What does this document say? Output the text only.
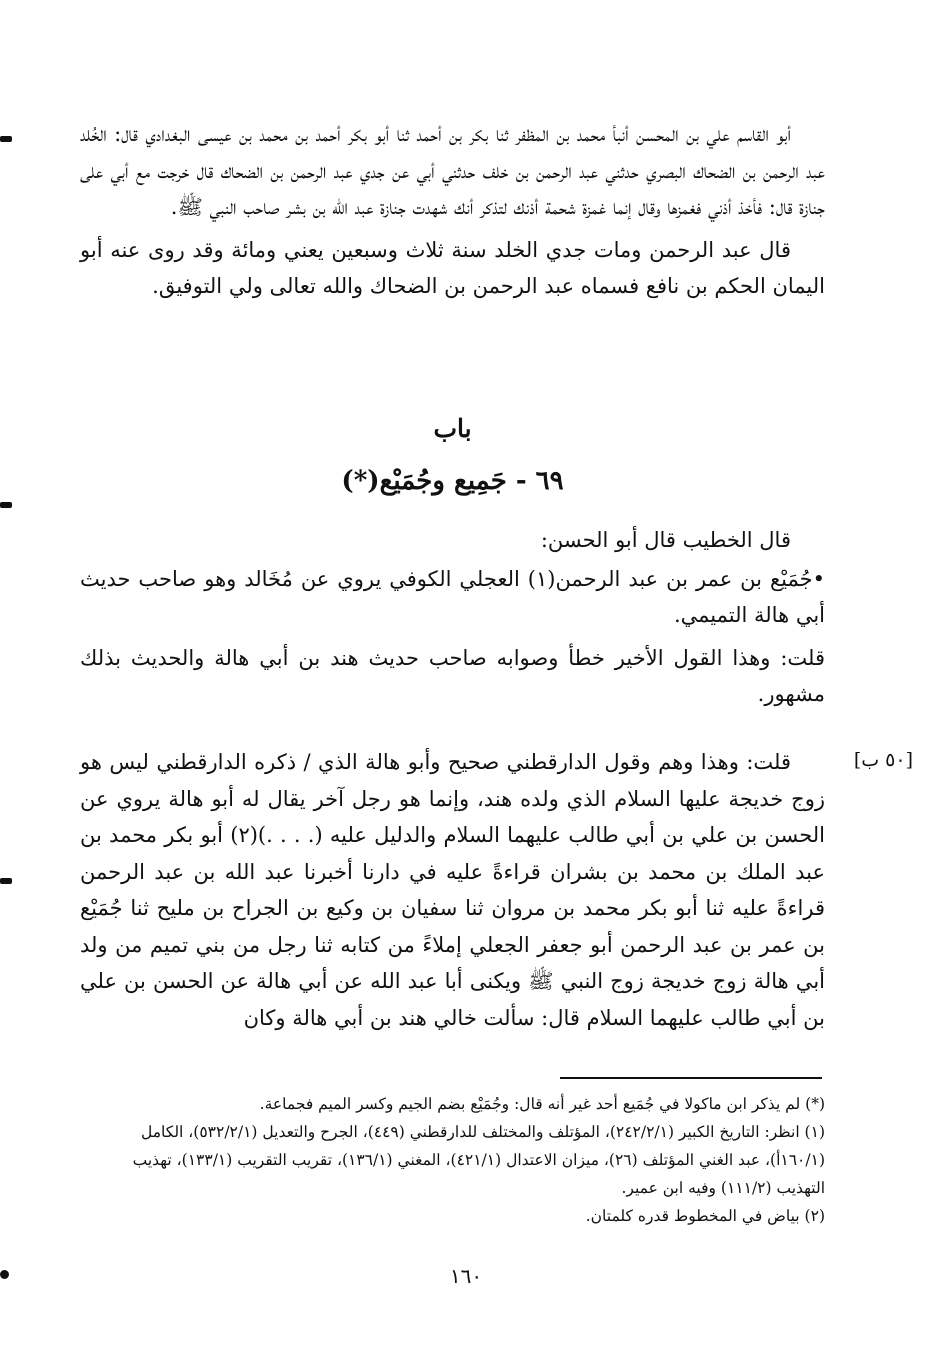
أبو القاسم علي بن المحسن أنبأ محمد بن المظفر ثنا بكر بن أحمد ثنا أبو بكر أحمد بن محمد بن عيسى البغدادي قال: الخُلد عبد الرحمن بن الضحاك البصري حدثني عبد الرحمن بن خلف حدثني أبي عن جدي عبد الرحمن بن الضحاك قال خرجت مع أبي على جنازة قال: فأخذ أذني فغمزها وقال إنما غمزة شحمة أذنك لتذكر أنك شهدت جنازة عبد الله بن بشر صاحب النبي ﷺ.

قال عبد الرحمن ومات جدي الخلد سنة ثلاث وسبعين يعني ومائة وقد روى عنه أبو اليمان الحكم بن نافع فسماه عبد الرحمن بن الضحاك والله تعالى ولي التوفيق.

باب
٦٩ - جَمِيع وجُمَيْع(*)

قال الخطيب قال أبو الحسن:

•جُمَيْع بن عمر بن عبد الرحمن(١) العجلي الكوفي يروي عن مُخَالد وهو صاحب حديث أبي هالة التميمي.

قلت: وهذا القول الأخير خطأ وصوابه صاحب حديث هند بن أبي هالة والحديث بذلك مشهور.

[٥٠ ب]

قلت: وهذا وهم وقول الدارقطني صحيح وأبو هالة الذي / ذكره الدارقطني ليس هو زوج خديجة عليها السلام الذي ولده هند، وإنما هو رجل آخر يقال له أبو هالة يروي عن الحسن بن علي بن أبي طالب عليهما السلام والدليل عليه (. . . .)(٢) أبو بكر محمد بن عبد الملك بن محمد بن بشران قراءةً عليه في دارنا أخبرنا عبد الله بن عبد الرحمن قراءةً عليه ثنا أبو بكر محمد بن مروان ثنا سفيان بن وكيع بن الجراح بن مليح ثنا جُمَيْع بن عمر بن عبد الرحمن أبو جعفر الجعلي إملاءً من كتابه ثنا رجل من بني تميم من ولد أبي هالة زوج خديجة زوج النبي ﷺ ويكنى أبا عبد الله عن أبي هالة عن الحسن بن علي بن أبي طالب عليهما السلام قال: سألت خالي هند بن أبي هالة وكان

(*) لم يذكر ابن ماكولا في جُمَيع أحد غير أنه قال: وجُمَيْع بضم الجيم وكسر الميم فجماعة.

(١) انظر: التاريخ الكبير (٢٤٢/٢/١)، المؤتلف والمختلف للدارقطني (٤٤٩)، الجرح والتعديل (٥٣٢/٢/١)، الكامل (١٦٠/١أ)، عبد الغني المؤتلف (٢٦)، ميزان الاعتدال (٤٢١/١)، المغني (١٣٦/١)، تقريب التقريب (١٣٣/١)، تهذيب التهذيب (١١١/٢) وفيه ابن عمير.

(٢) بياض في المخطوط قدره كلمتان.

١٦٠
